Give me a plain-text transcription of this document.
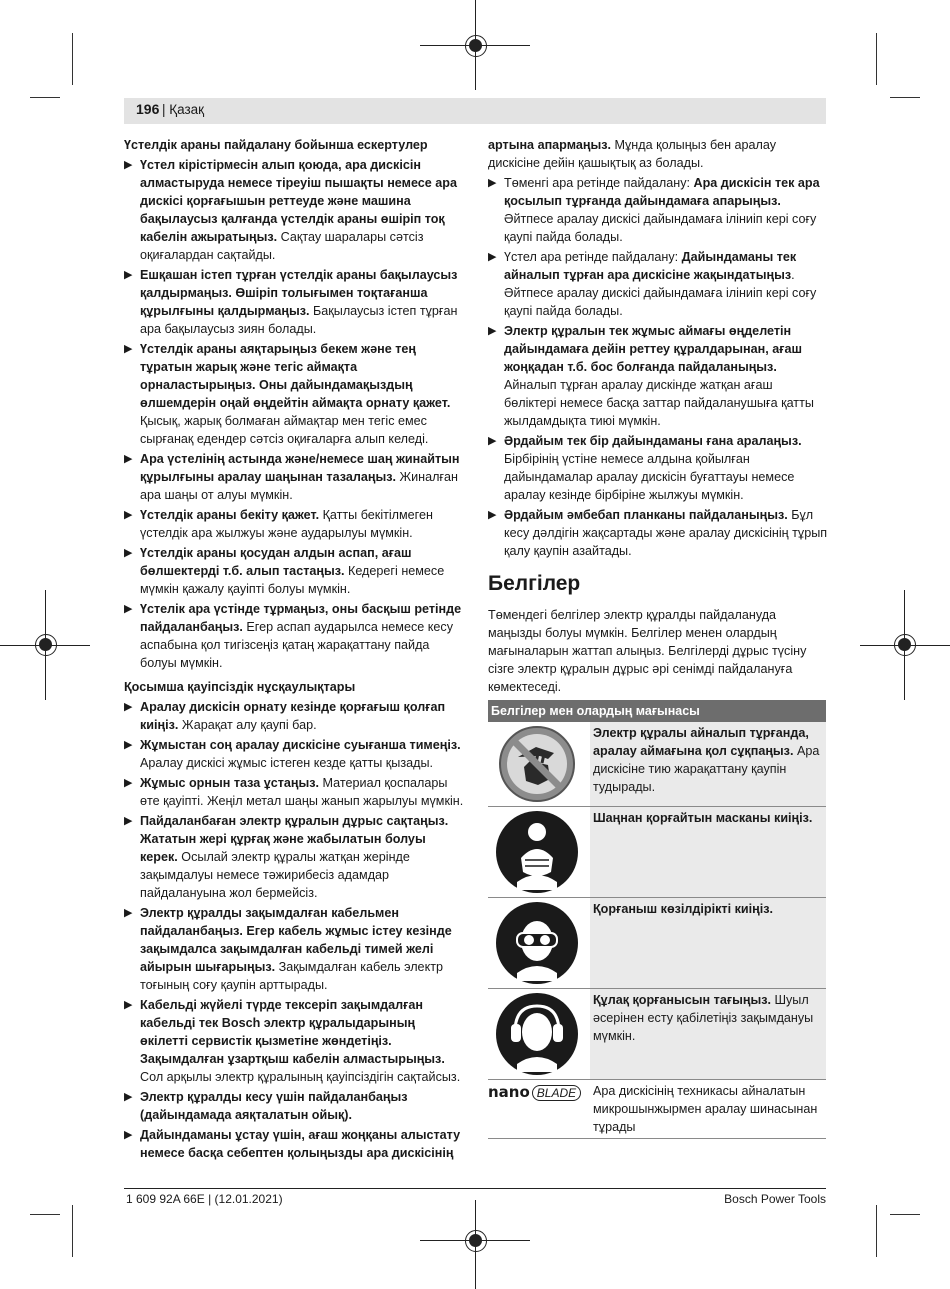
196 | Қазақ
Үстелдік араны пайдалану бойынша ескертулер
▶ Үстел кірістірмесін алып қоюда, ара дискісін алмастыруда немесе тіреуіш пышақты немесе ара дискісі қорғағышын реттеуде және машина бақылаусыз қалғанда үстелдік араны өшіріп тоқ кабелін ажыратыңыз. Сақтау шаралары сәтсіз оқиғалардан сақтайды.
▶ Ешқашан істеп тұрған үстелдік араны бақылаусыз қалдырмаңыз. Өшіріп толығымен тоқтағанша құрылғыны қалдырмаңыз. Бақылаусыз істеп тұрған ара бақылаусыз зиян болады.
▶ Үстелдік араны аяқтарыңыз бекем және тең тұратын жарық және тегіс аймақта орналастырыңыз. Оны дайындамақыздың өлшемдерін оңай өңдейтін аймақта орнату қажет. Қысық, жарық болмаған аймақтар мен тегіс емес сырғанақ едендер сәтсіз оқиғаларға алып келеді.
▶ Ара үстелінің астында және/немесе шаң жинайтын құрылғыны аралау шаңынан тазалаңыз. Жиналған ара шаңы от алуы мүмкін.
▶ Үстелдік араны бекіту қажет. Қатты бекітілмеген үстелдік ара жылжуы және аударылуы мүмкін.
▶ Үстелдік араны қосудан алдын аспап, ағаш бөлшектерді т.б. алып тастаңыз. Кедерегі немесе мүмкін қажалу қауіпті болуы мүмкін.
▶ Үстелік ара үстінде тұрмаңыз, оны басқыш ретінде пайдаланбаңыз. Егер аспап аударылса немесе кесу аспабына қол тигізсеңіз қатаң жарақаттану пайда болуы мүмкін.
Қосымша қауіпсіздік нұсқаулықтары
▶ Аралау дискісін орнату кезінде қорғағыш қолғап киіңіз. Жарақат алу қаупі бар.
▶ Жұмыстан соң аралау дискісіне суығанша тимеңіз. Аралау дискісі жұмыс істеген кезде қатты қызады.
▶ Жұмыс орнын таза ұстаңыз. Материал қоспалары өте қауіпті. Жеңіл метал шаңы жанып жарылуы мүмкін.
▶ Пайдаланбаған электр құралын дұрыс сақтаңыз. Жататын жері құрғақ және жабылатын болуы керек. Осылай электр құралы жатқан жерінде зақымдалуы немесе тәжирибесіз адамдар пайдалануына жол бермейсіз.
▶ Электр құралды зақымдалған кабельмен пайдаланбаңыз. Егер кабель жұмыс істеу кезінде зақымдалса зақымдалған кабельді тимей желі айырын шығарыңыз. Зақымдалған кабель электр тоғының соғу қаупін арттырады.
▶ Кабельді жүйелі түрде тексеріп зақымдалған кабельді тек Bosch электр құралыдарының өкілетті сервистік қызметіне жөндетіңіз. Зақымдалған ұзартқыш кабелін алмастырыңыз. Сол арқылы электр құралының қауіпсіздігін сақтайсыз.
▶ Электр құралды кесу үшін пайдаланбаңыз (дайындамада аяқталатын ойық).
▶ Дайындаманы ұстау үшін, ағаш жоңқаны алыстату немесе басқа себептен қолыңызды ара дискісінің
артына апармаңыз. Мұнда қолыңыз бен аралау дискісіне дейін қашықтық аз болады.
▶ Төменгі ара ретінде пайдалану: Ара дискісін тек ара қосылып тұрғанда дайындамаға апарыңыз. Әйтпесе аралау дискісі дайындамаға іліниіп кері соғу қаупі пайда болады.
▶ Үстел ара ретінде пайдалану: Дайындаманы тек айналып тұрған ара дискісіне жақындатыңыз. Әйтпесе аралау дискісі дайындамаға іліниіп кері соғу қаупі пайда болады.
▶ Электр құралын тек жұмыс аймағы өңделетін дайындамаға дейін реттеу құралдарынан, ағаш жоңқадан т.б. бос болғанда пайдаланыңыз. Айналып тұрған аралау дискінде жатқан ағаш бөліктері немесе басқа заттар пайдаланушыға қатты жылдамдықта тиюі мүмкін.
▶ Әрдайым тек бір дайындаманы ғана аралаңыз. Бірбірінің үстіне немесе алдына қойылған дайындамалар аралау дискісін буғаттауы немесе аралау кезінде бірбіріне жылжуы мүмкін.
▶ Әрдайым әмбебап планканы пайдаланыңыз. Бұл кесу дәлдігін жақсартады және аралау дискісінің тұрып қалу қаупін азайтады.
Белгілер
Төмендегі белгілер электр құралды пайдалануда маңызды болуы мүмкін. Белгілер менен олардың мағыналарын жаттап алыңыз. Белгілерді дұрыс түсіну сізге электр құралын дұрыс әрі сенімді пайдалануға көмектеседі.
Белгілер мен олардың мағынасы	

	Электр құралы айналып тұрғанда, аралау аймағына қол сұқпаңыз. Ара дискісіне тию жарақаттану қаупін тудырады.

	Шаңнан қорғайтын масканы киіңіз.

	Қорғаныш көзілдірікті киіңіз.

	Құлақ қорғанысын тағыңыз. Шуыл әсерінен есту қабілетіңіз зақымдануы мүмкін.

nano BLADE	Ара дискісінің техникасы айналатын микрошынжырмен аралау шинасынан тұрады
1 609 92A 66E | (12.01.2021)	Bosch Power Tools
